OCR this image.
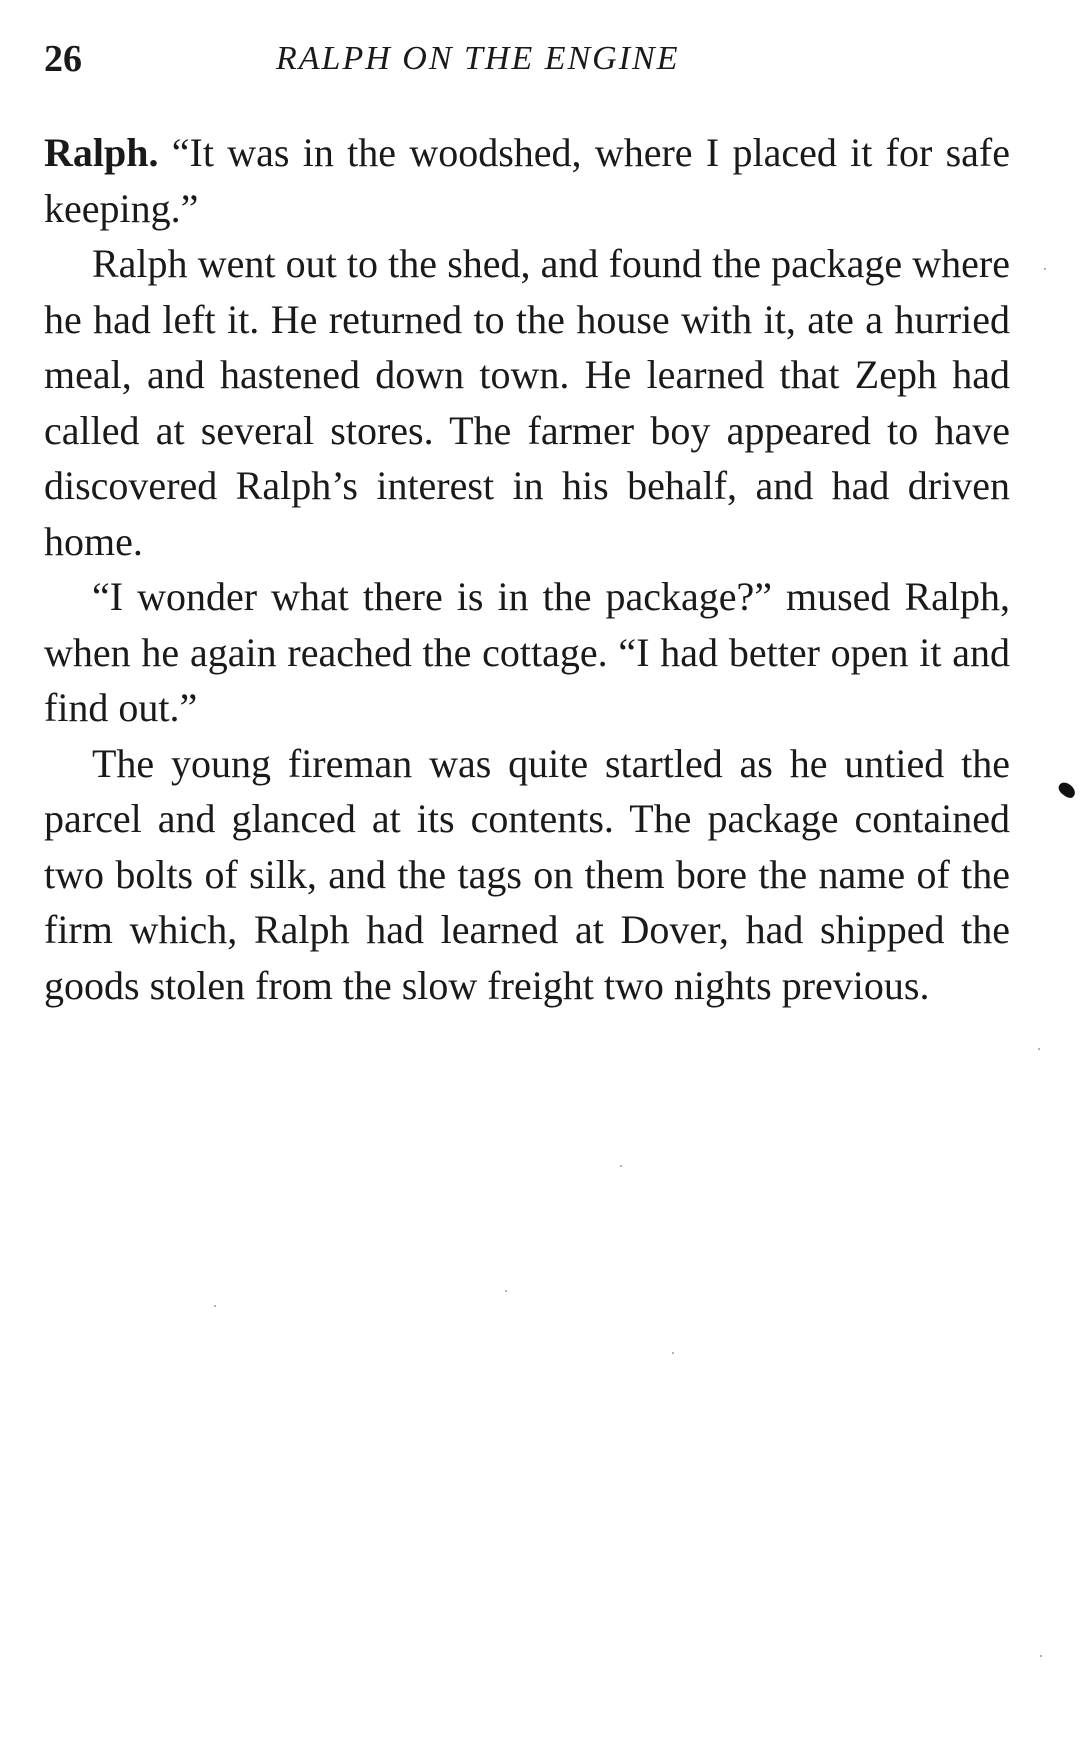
26	RALPH ON THE ENGINE

Ralph. “It was in the woodshed, where I placed it for safe keeping.”

Ralph went out to the shed, and found the package where he had left it. He returned to the house with it, ate a hurried meal, and hastened down town. He learned that Zeph had called at several stores. The farmer boy appeared to have discovered Ralph’s interest in his behalf, and had driven home.

“I wonder what there is in the package?” mused Ralph, when he again reached the cottage. “I had better open it and find out.”

The young fireman was quite startled as he untied the parcel and glanced at its contents. The package contained two bolts of silk, and the tags on them bore the name of the firm which, Ralph had learned at Dover, had shipped the goods stolen from the slow freight two nights previous.
